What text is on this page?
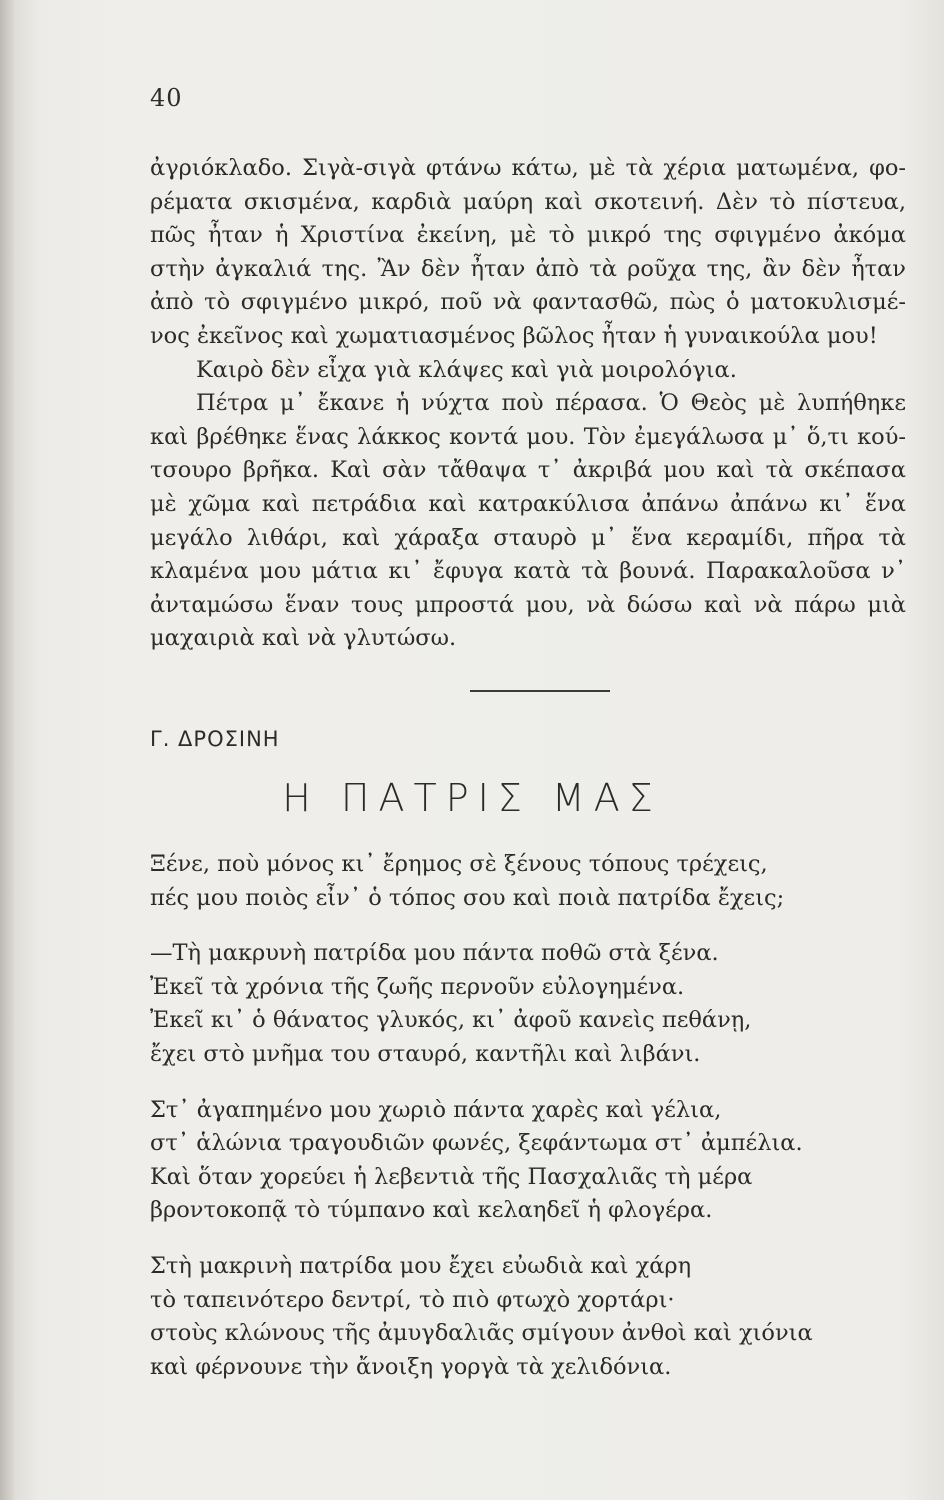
40

ἀγριόκλαδο. Σιγὰ-σιγὰ φτάνω κάτω, μὲ τὰ χέρια ματωμένα, φο-

ρέματα σκισμένα, καρδιὰ μαύρη καὶ σκοτεινή. Δὲν τὸ πίστευα,

πῶς ἦταν ἡ Χριστίνα ἐκείνη, μὲ τὸ μικρό της σφιγμένο ἀκόμα

στὴν ἀγκαλιά της. Ἂν δὲν ἦταν ἀπὸ τὰ ροῦχα της, ἂν δὲν ἦταν

ἀπὸ τὸ σφιγμένο μικρό, ποῦ νὰ φαντασθῶ, πὼς ὁ ματοκυλισμέ-

νος ἐκεῖνος καὶ χωματιασμένος βῶλος ἦταν ἡ γυναικούλα μου!

Καιρὸ δὲν εἶχα γιὰ κλάψες καὶ γιὰ μοιρολόγια.

Πέτρα μ᾽ ἔκανε ἡ νύχτα ποὺ πέρασα. Ὁ Θεὸς μὲ λυπήθηκε

καὶ βρέθηκε ἕνας λάκκος κοντά μου. Τὸν ἐμεγάλωσα μ᾽ ὅ,τι κού-

τσουρο βρῆκα. Καὶ σὰν τἄθαψα τ᾽ ἀκριβά μου καὶ τὰ σκέπασα

μὲ χῶμα καὶ πετράδια καὶ κατρακύλισα ἀπάνω ἀπάνω κι᾽ ἕνα

μεγάλο λιθάρι, καὶ χάραξα σταυρὸ μ᾽ ἕνα κεραμίδι, πῆρα τὰ

κλαμένα μου μάτια κι᾽ ἔφυγα κατὰ τὰ βουνά. Παρακαλοῦσα ν᾽

ἀνταμώσω ἕναν τους μπροστά μου, νὰ δώσω καὶ νὰ πάρω μιὰ

μαχαιριὰ καὶ νὰ γλυτώσω.

Γ. ΔΡΟΣΙΝΗ
Η ΠΑΤΡΙΣ ΜΑΣ
Ξένε, ποὺ μόνος κι᾽ ἔρημος σὲ ξένους τόπους τρέχεις,
πές μου ποιὸς εἶν᾽ ὁ τόπος σου καὶ ποιὰ πατρίδα ἔχεις;
—Τὴ μακρυνὴ πατρίδα μου πάντα ποθῶ στὰ ξένα.
Ἐκεῖ τὰ χρόνια τῆς ζωῆς περνοῦν εὐλογημένα.
Ἐκεῖ κι᾽ ὁ θάνατος γλυκός, κι᾽ ἀφοῦ κανεὶς πεθάνῃ,
ἔχει στὸ μνῆμα του σταυρό, καντῆλι καὶ λιβάνι.
Στ᾽ ἀγαπημένο μου χωριὸ πάντα χαρὲς καὶ γέλια,
στ᾽ ἁλώνια τραγουδιῶν φωνές, ξεφάντωμα στ᾽ ἀμπέλια.
Καὶ ὅταν χορεύει ἡ λεβεντιὰ τῆς Πασχαλιᾶς τὴ μέρα
βροντοκοπᾷ τὸ τύμπανο καὶ κελαηδεῖ ἡ φλογέρα.
Στὴ μακρινὴ πατρίδα μου ἔχει εὐωδιὰ καὶ χάρη
τὸ ταπεινότερο δεντρί, τὸ πιὸ φτωχὸ χορτάρι·
στοὺς κλώνους τῆς ἀμυγδαλιᾶς σμίγουν ἀνθοὶ καὶ χιόνια
καὶ φέρνουνε τὴν ἄνοιξη γοργὰ τὰ χελιδόνια.
